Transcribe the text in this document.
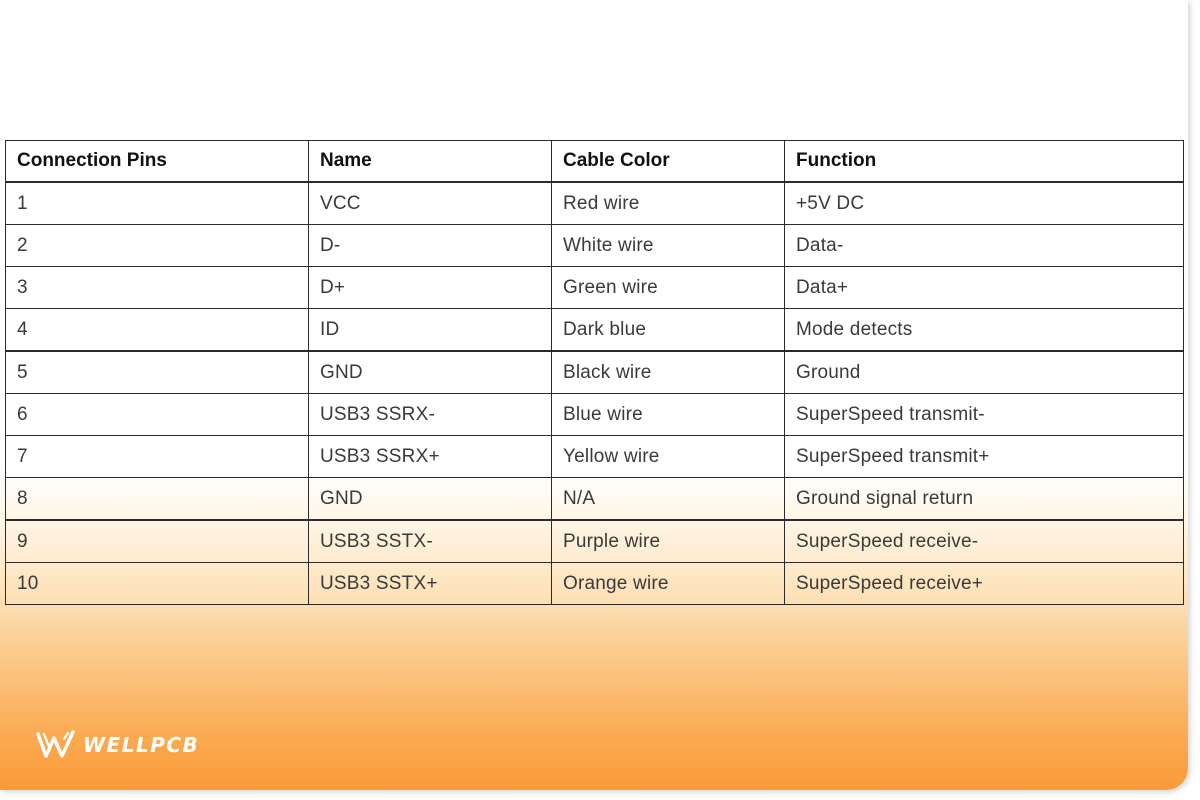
Connection Pins	Name	Cable Color	Function
1	VCC	Red wire	+5V DC
2	D-	White wire	Data-
3	D+	Green wire	Data+
4	ID	Dark blue	Mode detects
5	GND	Black wire	Ground
6	USB3 SSRX-	Blue wire	SuperSpeed transmit-
7	USB3 SSRX+	Yellow wire	SuperSpeed transmit+
8	GND	N/A	Ground signal return
9	USB3 SSTX-	Purple wire	SuperSpeed receive-
10	USB3 SSTX+	Orange wire	SuperSpeed receive+
WELLPCB
